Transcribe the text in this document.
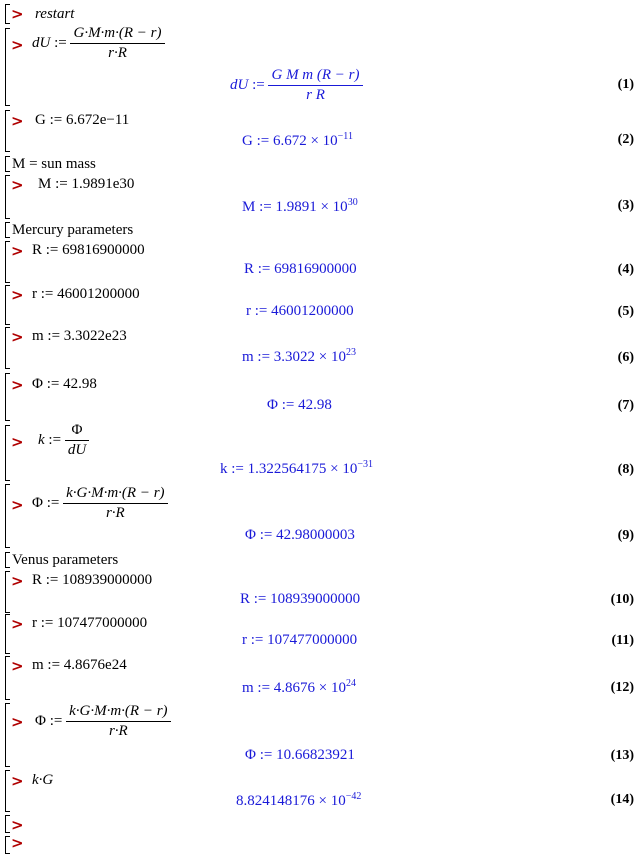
> restart
> dU := $\frac{G\cdot M\cdot m\cdot(R - r)}{r\cdot R}$
dU := $\frac{\text{G M m (R − r)}}{\text{r R}}$	(1)
> G := 6.672e−11
G := $6.672 \times 10^{-11}$	(2)
M = sun mass
> M := 1.9891e30
M := $1.9891 \times 10^{30}$	(3)
Mercury parameters
> R := 69816900000
R := 69816900000	(4)
> r := 46001200000
r := 46001200000	(5)
> m := 3.3022e23
m := $3.3022 \times 10^{23}$	(6)
> Φ := 42.98
Φ := 42.98	(7)
> k := $\frac{\Phi}{dU}$
k := $1.322564175 \times 10^{-31}$	(8)
> Φ := $\frac{k\cdot G\cdot M\cdot m\cdot(R - r)}{r\cdot R}$
Φ := 42.98000003	(9)
Venus parameters
> R := 108939000000
R := 108939000000	(10)
> r := 107477000000
r := 107477000000	(11)
> m := 4.8676e24
m := $4.8676 \times 10^{24}$	(12)
> Φ := $\frac{k\cdot G\cdot M\cdot m\cdot(R - r)}{r\cdot R}$
Φ := 10.66823921	(13)
> k·G
$8.824148176 \times 10^{-42}$	(14)
>
>
